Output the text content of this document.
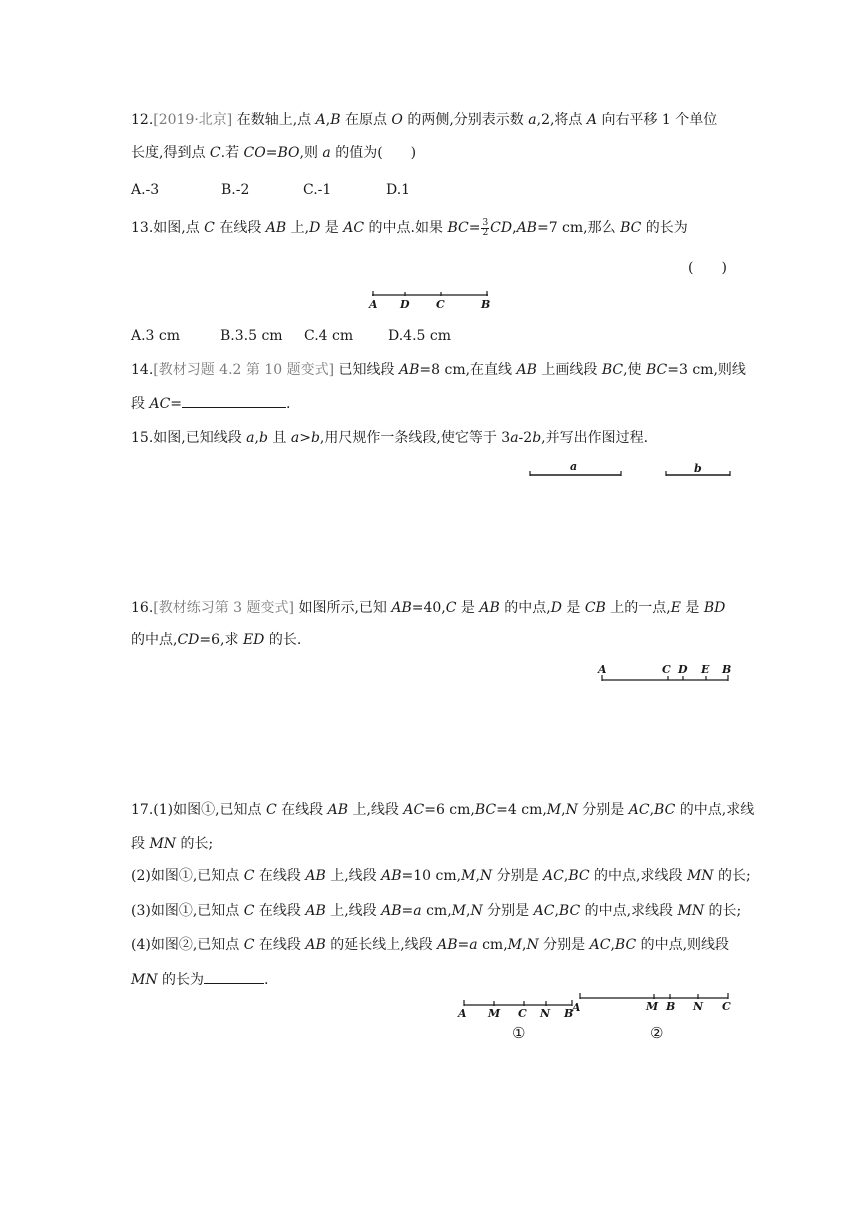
12.[2019·北京] 在数轴上,点 A,B 在原点 O 的两侧,分别表示数 a,2,将点 A 向右平移 1 个单位
长度,得到点 C.若 CO=BO,则 a 的值为(　　)
A.-3	B.-2	C.-1	D.1
13.如图,点 C 在线段 AB 上,D 是 AC 的中点.如果 $BC= \frac{3}{2} CD,AB=7$ cm,那么 BC 的长为
(　　)
A D C	B
A.3 cm	B.3.5 cm C.4 cm D.4.5 cm
14.[教材习题 4.2 第 10 题变式] 已知线段 AB=8 cm,在直线 AB 上画线段 BC,使 BC=3 cm,则线
段 AC=	.
15.如图,已知线段 a,b 且 a>b,用尺规作一条线段,使它等于 3a-2b,并写出作图过程.
a	b
16.[教材练习第 3 题变式] 如图所示,已知 AB=40,C 是 AB 的中点,D 是 CB 上的一点,E 是 BD
的中点,CD=6,求 ED 的长.
A	C D E B
17.(1)如图①,已知点 C 在线段 AB 上,线段 AC=6 cm,BC=4 cm,M,N 分别是 AC,BC 的中点,求线
段 MN 的长;
(2)如图①,已知点 C 在线段 AB 上,线段 AB=10 cm,M,N 分别是 AC,BC 的中点,求线段 MN 的长;
(3)如图①,已知点 C 在线段 AB 上,线段 AB=a cm,M,N 分别是 AC,BC 的中点,求线段 MN 的长;
(4)如图②,已知点 C 在线段 AB 的延长线上,线段 AB=a cm,M,N 分别是 AC,BC 的中点,则线段
MN 的长为	.
A M C N B
①
A	M B N C
②
